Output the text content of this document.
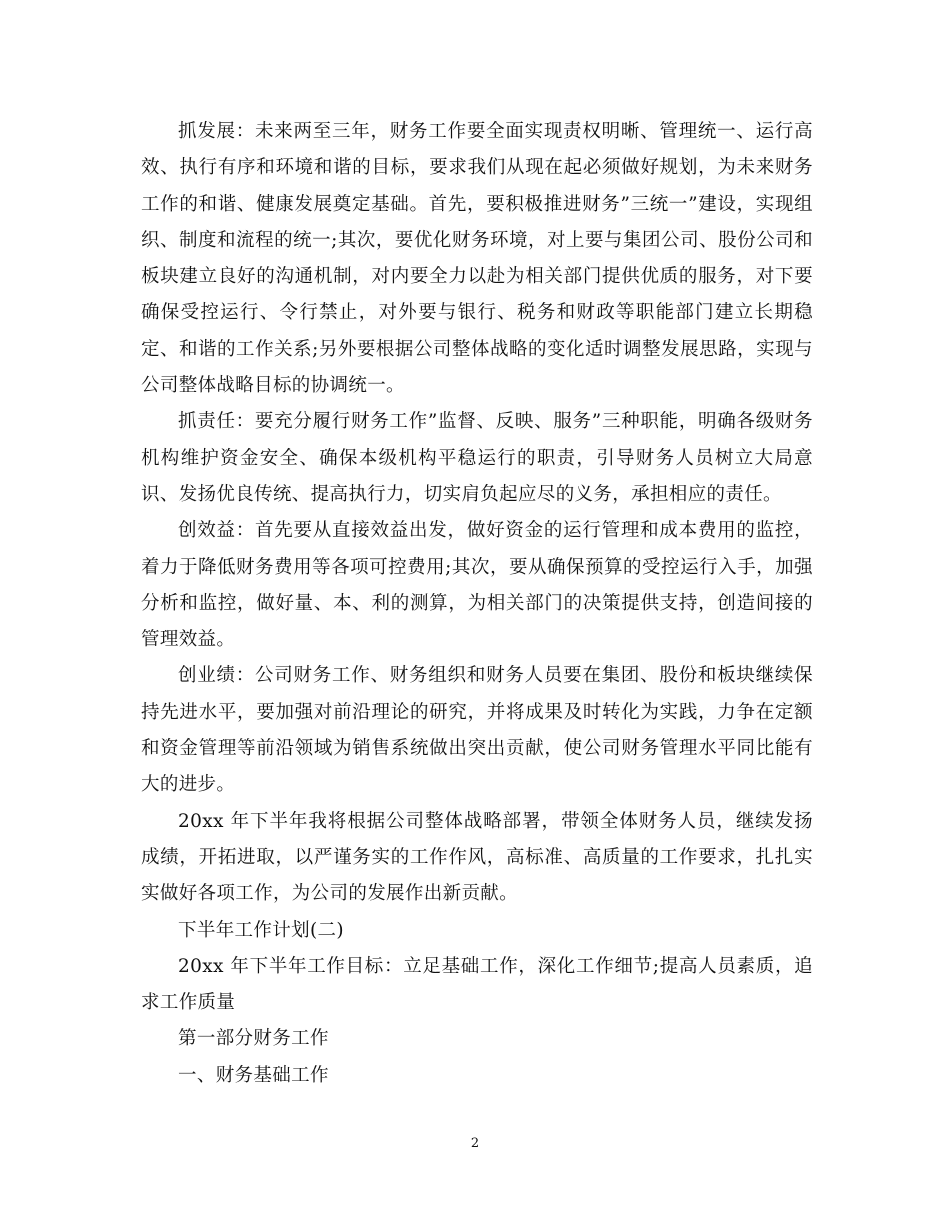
抓发展：未来两至三年，财务工作要全面实现责权明晰、管理统一、运行高效、执行有序和环境和谐的目标，要求我们从现在起必须做好规划，为未来财务工作的和谐、健康发展奠定基础。首先，要积极推进财务”三统一”建设，实现组织、制度和流程的统一;其次，要优化财务环境，对上要与集团公司、股份公司和板块建立良好的沟通机制，对内要全力以赴为相关部门提供优质的服务，对下要确保受控运行、令行禁止，对外要与银行、税务和财政等职能部门建立长期稳定、和谐的工作关系;另外要根据公司整体战略的变化适时调整发展思路，实现与公司整体战略目标的协调统一。

抓责任：要充分履行财务工作”监督、反映、服务”三种职能，明确各级财务机构维护资金安全、确保本级机构平稳运行的职责，引导财务人员树立大局意识、发扬优良传统、提高执行力，切实肩负起应尽的义务，承担相应的责任。

创效益：首先要从直接效益出发，做好资金的运行管理和成本费用的监控，着力于降低财务费用等各项可控费用;其次，要从确保预算的受控运行入手，加强分析和监控，做好量、本、利的测算，为相关部门的决策提供支持，创造间接的管理效益。

创业绩：公司财务工作、财务组织和财务人员要在集团、股份和板块继续保持先进水平，要加强对前沿理论的研究，并将成果及时转化为实践，力争在定额和资金管理等前沿领域为销售系统做出突出贡献，使公司财务管理水平同比能有大的进步。

20xx 年下半年我将根据公司整体战略部署，带领全体财务人员，继续发扬成绩，开拓进取，以严谨务实的工作作风，高标准、高质量的工作要求，扎扎实实做好各项工作，为公司的发展作出新贡献。

下半年工作计划(二)

20xx 年下半年工作目标：立足基础工作，深化工作细节;提高人员素质，追求工作质量

第一部分财务工作

一、财务基础工作

2
